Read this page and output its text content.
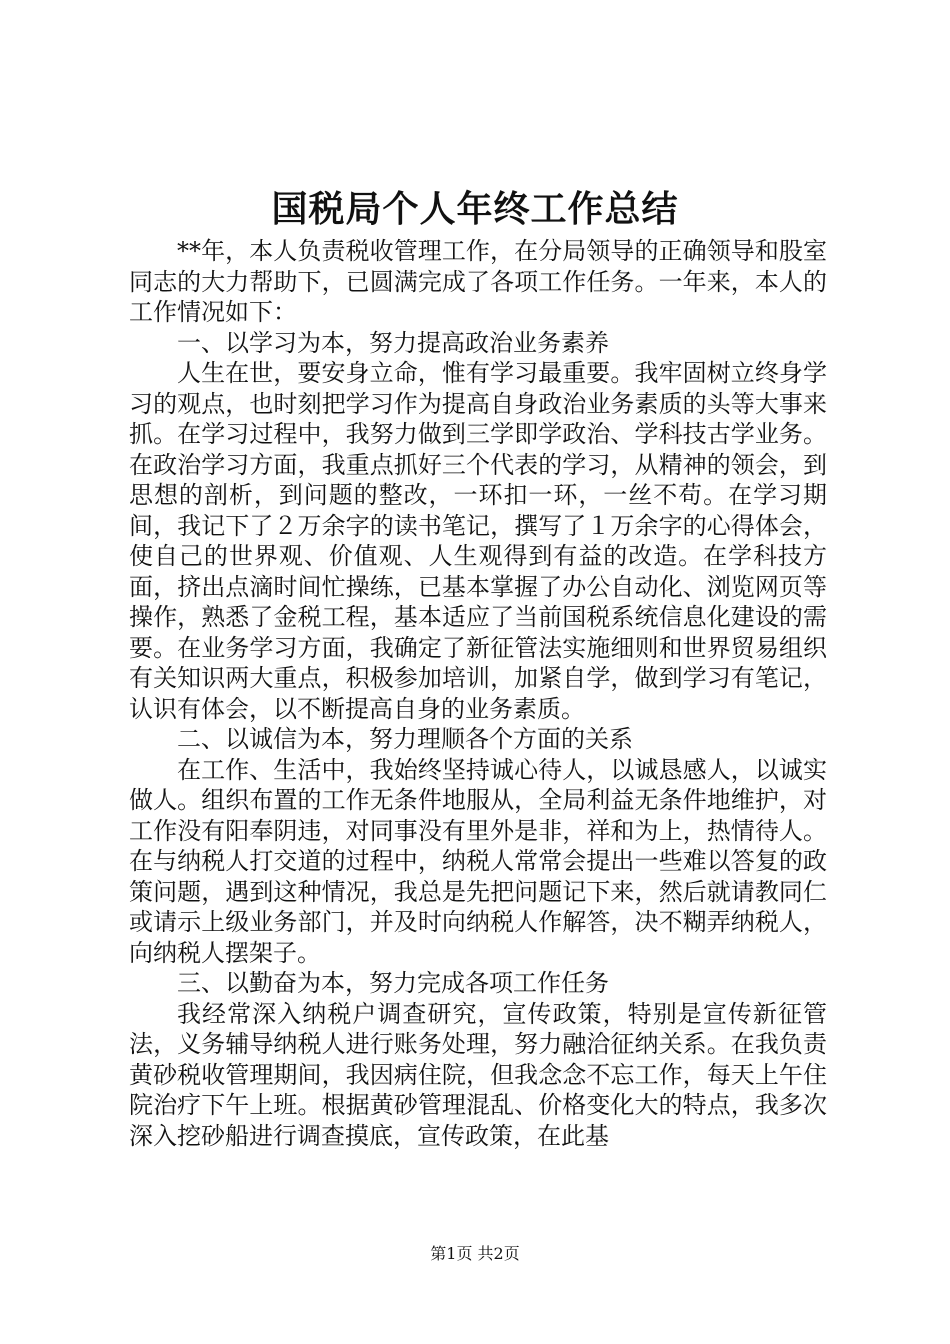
国税局个人年终工作总结

**年，本人负责税收管理工作，在分局领导的正确领导和股室同志的大力帮助下，已圆满完成了各项工作任务。一年来，本人的工作情况如下：

一、以学习为本，努力提高政治业务素养

人生在世，要安身立命，惟有学习最重要。我牢固树立终身学习的观点，也时刻把学习作为提高自身政治业务素质的头等大事来抓。在学习过程中，我努力做到三学即学政治、学科技古学业务。在政治学习方面，我重点抓好三个代表的学习，从精神的领会，到思想的剖析，到问题的整改，一环扣一环，一丝不苟。在学习期间，我记下了２万余字的读书笔记，撰写了１万余字的心得体会，使自己的世界观、价值观、人生观得到有益的改造。在学科技方面，挤出点滴时间忙操练，已基本掌握了办公自动化、浏览网页等操作，熟悉了金税工程，基本适应了当前国税系统信息化建设的需要。在业务学习方面，我确定了新征管法实施细则和世界贸易组织有关知识两大重点，积极参加培训，加紧自学，做到学习有笔记，认识有体会，以不断提高自身的业务素质。

二、以诚信为本，努力理顺各个方面的关系

在工作、生活中，我始终坚持诚心待人，以诚恳感人，以诚实做人。组织布置的工作无条件地服从，全局利益无条件地维护，对工作没有阳奉阴违，对同事没有里外是非，祥和为上，热情待人。在与纳税人打交道的过程中，纳税人常常会提出一些难以答复的政策问题，遇到这种情况，我总是先把问题记下来，然后就请教同仁或请示上级业务部门，并及时向纳税人作解答，决不糊弄纳税人，向纳税人摆架子。

三、以勤奋为本，努力完成各项工作任务

我经常深入纳税户调查研究，宣传政策，特别是宣传新征管法，义务辅导纳税人进行账务处理，努力融洽征纳关系。在我负责黄砂税收管理期间，我因病住院，但我念念不忘工作，每天上午住院治疗下午上班。根据黄砂管理混乱、价格变化大的特点，我多次深入挖砂船进行调查摸底，宣传政策，在此基

第1页 共2页
